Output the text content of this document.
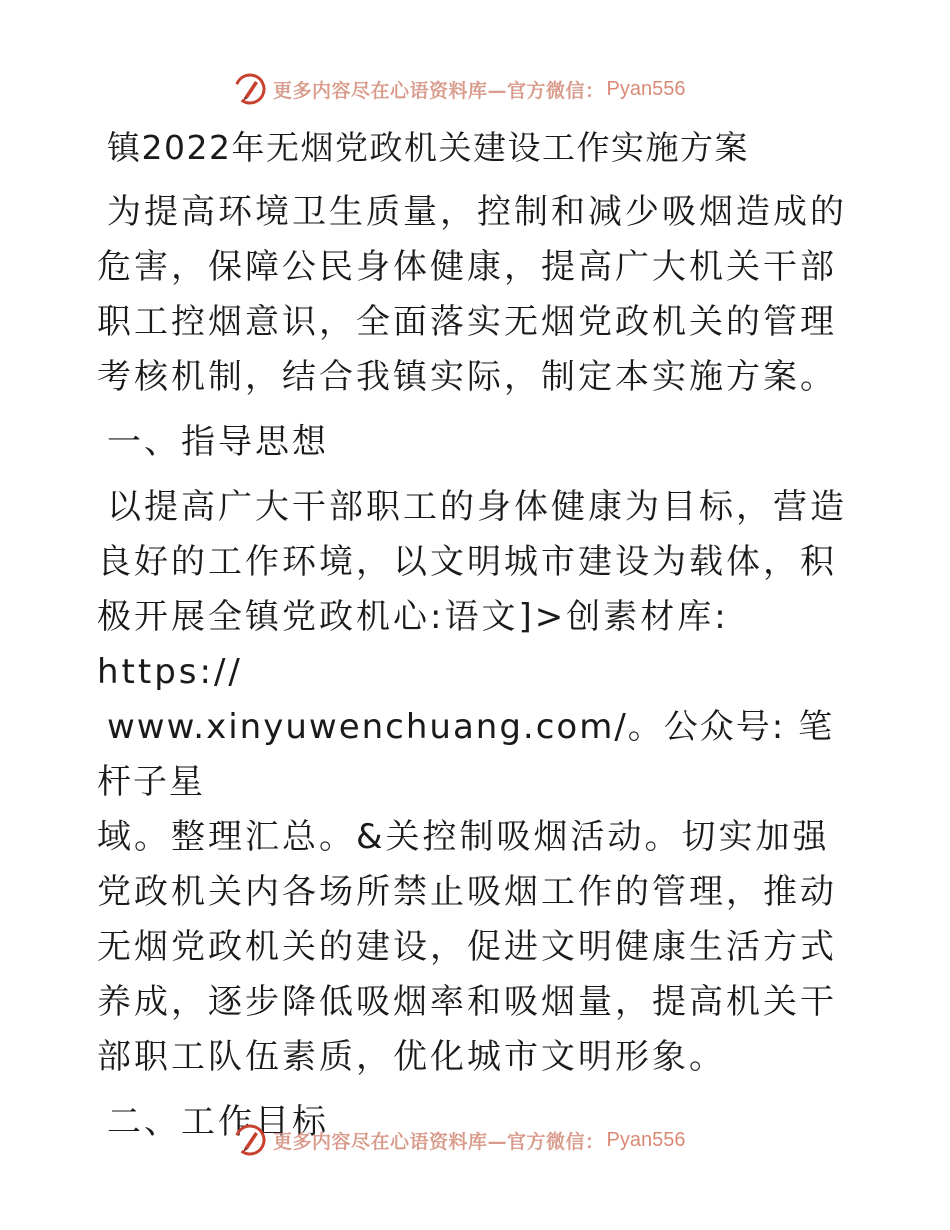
更多内容尽在心语资料库—官方微信： Pyan556
镇2022年无烟党政机关建设工作实施方案

为提高环境卫生质量，控制和减少吸烟造成的危害，保障公民身体健康，提高广大机关干部职工控烟意识，全面落实无烟党政机关的管理考核机制，结合我镇实际，制定本实施方案。

一、指导思想

以提高广大干部职工的身体健康为目标，营造良好的工作环境，以文明城市建设为载体，积极开展全镇党政机心:语文]>创素材库: https://
www.xinyuwenchuang.com/。公众号: 笔杆子星
域。整理汇总。&关控制吸烟活动。切实加强党政机关内各场所禁止吸烟工作的管理，推动无烟党政机关的建设，促进文明健康生活方式养成，逐步降低吸烟率和吸烟量，提高机关干部职工队伍素质，优化城市文明形象。

二、工作目标
更多内容尽在心语资料库—官方微信： Pyan556
